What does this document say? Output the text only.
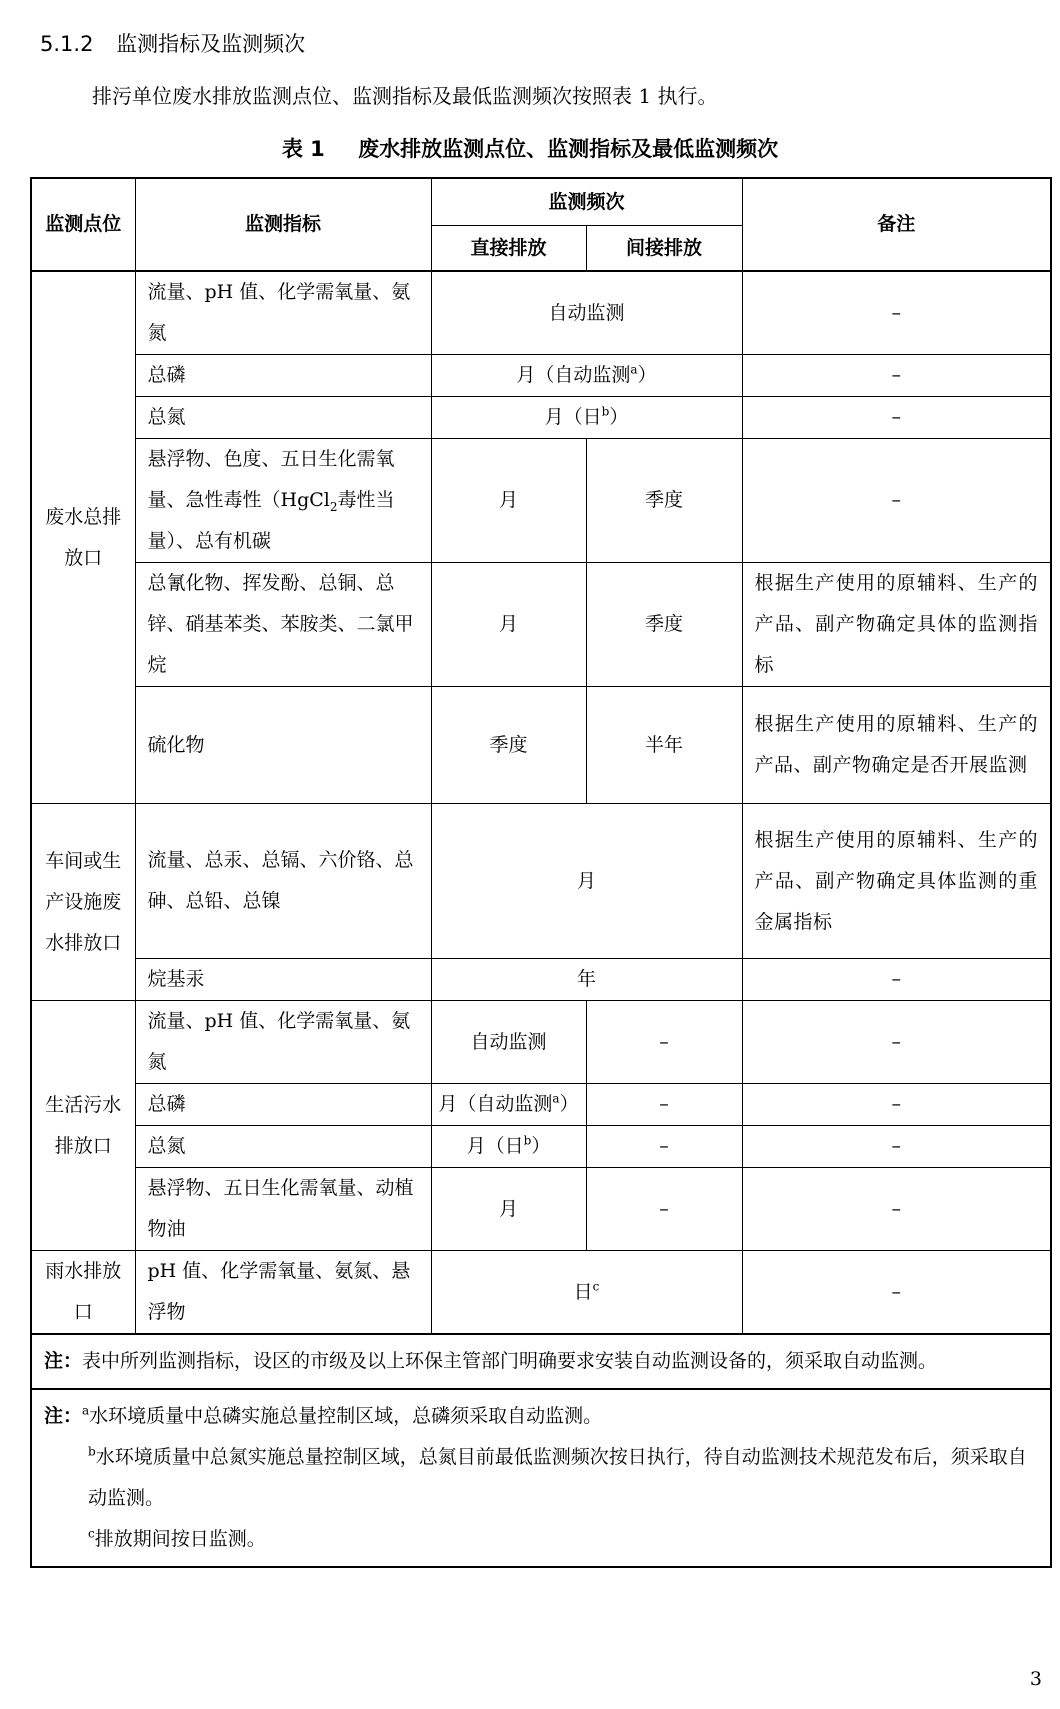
5.1.2 监测指标及监测频次
排污单位废水排放监测点位、监测指标及最低监测频次按照表 1 执行。
表 1 废水排放监测点位、监测指标及最低监测频次
监测点位	监测指标	监测频次		备注
		直接排放	间接排放	
废水总排放口	流量、pH 值、化学需氧量、氨氮	自动监测		–
	总磷	月（自动监测$^a$）		–
	总氮	月（日$^b$）		–
	悬浮物、色度、五日生化需氧量、急性毒性（HgCl$_2$毒性当量）、总有机碳	月	季度	–
	总氰化物、挥发酚、总铜、总锌、硝基苯类、苯胺类、二氯甲烷	月	季度	根据生产使用的原辅料、生产的产品、副产物确定具体的监测指标
	硫化物	季度	半年	根据生产使用的原辅料、生产的产品、副产物确定是否开展监测
车间或生产设施废水排放口	流量、总汞、总镉、六价铬、总砷、总铅、总镍	月		根据生产使用的原辅料、生产的产品、副产物确定具体监测的重金属指标
	烷基汞	年		–
生活污水排放口	流量、pH 值、化学需氧量、氨氮	自动监测	–	–
	总磷	月（自动监测$^a$）	–	–
	总氮	月（日$^b$）	–	–
	悬浮物、五日生化需氧量、动植物油	月	–	–
雨水排放口	pH 值、化学需氧量、氨氮、悬浮物	日$^c$		–
注：表中所列监测指标，设区的市级及以上环保主管部门明确要求安装自动监测设备的，须采取自动监测。				

注：$^a$水环境质量中总磷实施总量控制区域，总磷须采取自动监测。
$^b$水环境质量中总氮实施总量控制区域，总氮目前最低监测频次按日执行，待自动监测技术规范发布后，须采取自动监测。
$^c$排放期间按日监测。				
3
